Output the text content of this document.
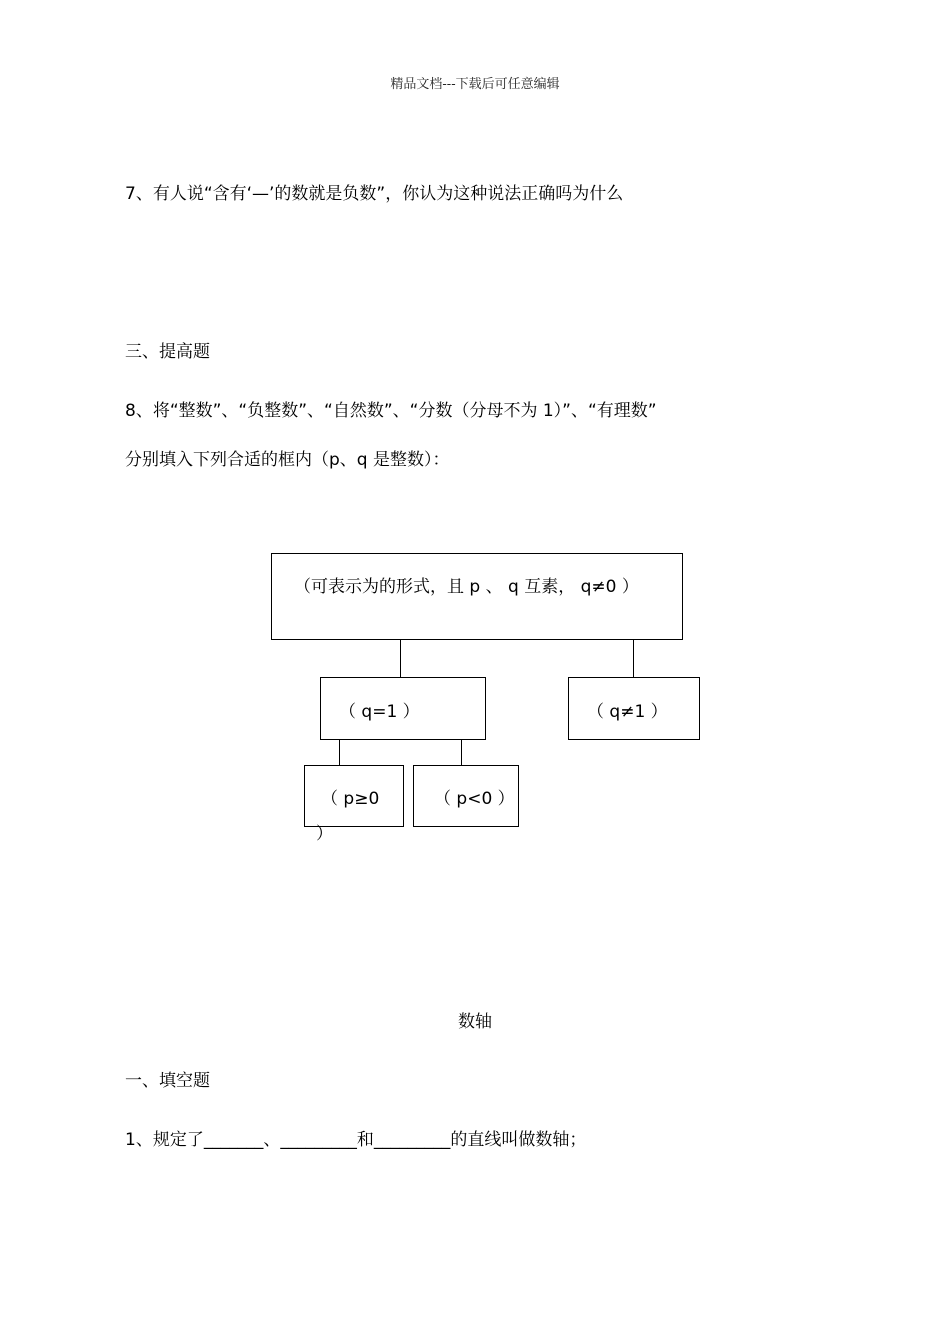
精品文档---下载后可任意编辑
7、有人说“含有‘—’的数就是负数”，你认为这种说法正确吗为什么
三、提高题
8、将“整数”、“负整数”、“自然数”、“分数（分母不为 1）”、“有理数”
分别填入下列合适的框内（p、q 是整数）：
（可表示为的形式，且 p 、 q 互素， q≠0 ）
（ q=1 ）	（ q≠1 ）
（ p≥0
）
（ p<0 ）
数轴
一、填空题
1、规定了_______、_________和_________的直线叫做数轴；
